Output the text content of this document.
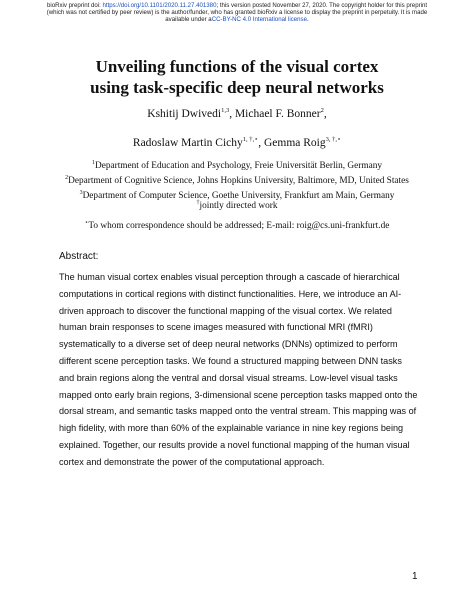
bioRxiv preprint doi: https://doi.org/10.1101/2020.11.27.401380; this version posted November 27, 2020. The copyright holder for this preprint
(which was not certified by peer review) is the author/funder, who has granted bioRxiv a license to display the preprint in perpetuity. It is made
available under aCC-BY-NC 4.0 International license.
Unveiling functions of the visual cortex
using task-specific deep neural networks
Kshitij Dwivedi$^{1,3}$, Michael F. Bonner$^2$,
Radoslaw Martin Cichy$^{1, \dagger,⋆}$, Gemma Roig$^{3, \dagger,⋆}$
$^1$Department of Education and Psychology, Freie Universität Berlin, Germany
$^2$Department of Cognitive Science, Johns Hopkins University, Baltimore, MD, United States
$^3$Department of Computer Science, Goethe University, Frankfurt am Main, Germany
†jointly directed work
⋆To whom correspondence should be addressed; E-mail: roig@cs.uni-frankfurt.de
Abstract:
The human visual cortex enables visual perception through a cascade of hierarchical
computations in cortical regions with distinct functionalities. Here, we introduce an AI-
driven approach to discover the functional mapping of the visual cortex. We related
human brain responses to scene images measured with functional MRI (fMRI)
systematically to a diverse set of deep neural networks (DNNs) optimized to perform
different scene perception tasks. We found a structured mapping between DNN tasks
and brain regions along the ventral and dorsal visual streams. Low-level visual tasks
mapped onto early brain regions, 3-dimensional scene perception tasks mapped onto the
dorsal stream, and semantic tasks mapped onto the ventral stream. This mapping was of
high fidelity, with more than 60% of the explainable variance in nine key regions being
explained. Together, our results provide a novel functional mapping of the human visual
cortex and demonstrate the power of the computational approach.
1
